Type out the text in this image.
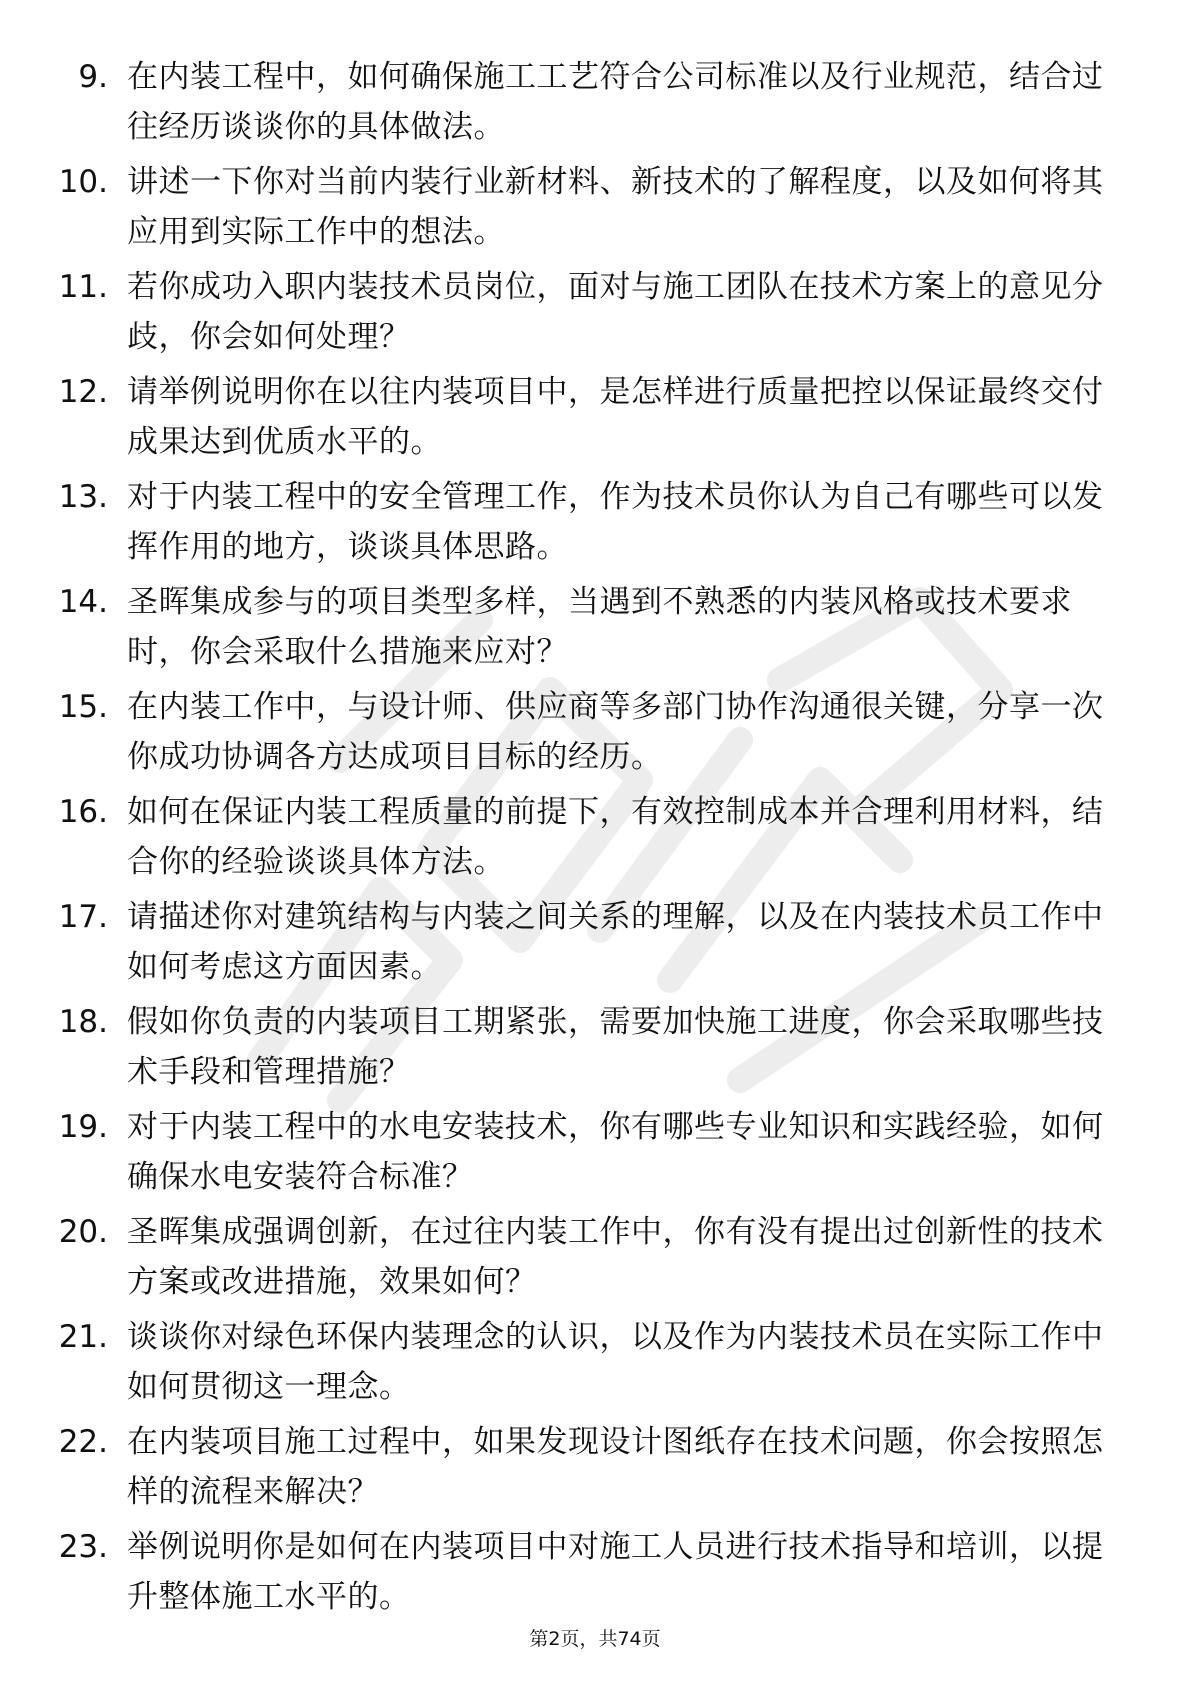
9. 在内装工程中，如何确保施工工艺符合公司标准以及行业规范，结合过往经历谈谈你的具体做法。
10. 讲述一下你对当前内装行业新材料、新技术的了解程度，以及如何将其应用到实际工作中的想法。
11. 若你成功入职内装技术员岗位，面对与施工团队在技术方案上的意见分歧，你会如何处理？
12. 请举例说明你在以往内装项目中，是怎样进行质量把控以保证最终交付成果达到优质水平的。
13. 对于内装工程中的安全管理工作，作为技术员你认为自己有哪些可以发挥作用的地方，谈谈具体思路。
14. 圣晖集成参与的项目类型多样，当遇到不熟悉的内装风格或技术要求时，你会采取什么措施来应对？
15. 在内装工作中，与设计师、供应商等多部门协作沟通很关键，分享一次你成功协调各方达成项目目标的经历。
16. 如何在保证内装工程质量的前提下，有效控制成本并合理利用材料，结合你的经验谈谈具体方法。
17. 请描述你对建筑结构与内装之间关系的理解，以及在内装技术员工作中如何考虑这方面因素。
18. 假如你负责的内装项目工期紧张，需要加快施工进度，你会采取哪些技术手段和管理措施？
19. 对于内装工程中的水电安装技术，你有哪些专业知识和实践经验，如何确保水电安装符合标准？
20. 圣晖集成强调创新，在过往内装工作中，你有没有提出过创新性的技术方案或改进措施，效果如何？
21. 谈谈你对绿色环保内装理念的认识，以及作为内装技术员在实际工作中如何贯彻这一理念。
22. 在内装项目施工过程中，如果发现设计图纸存在技术问题，你会按照怎样的流程来解决？
23. 举例说明你是如何在内装项目中对施工人员进行技术指导和培训，以提升整体施工水平的。
第2页，共74页
